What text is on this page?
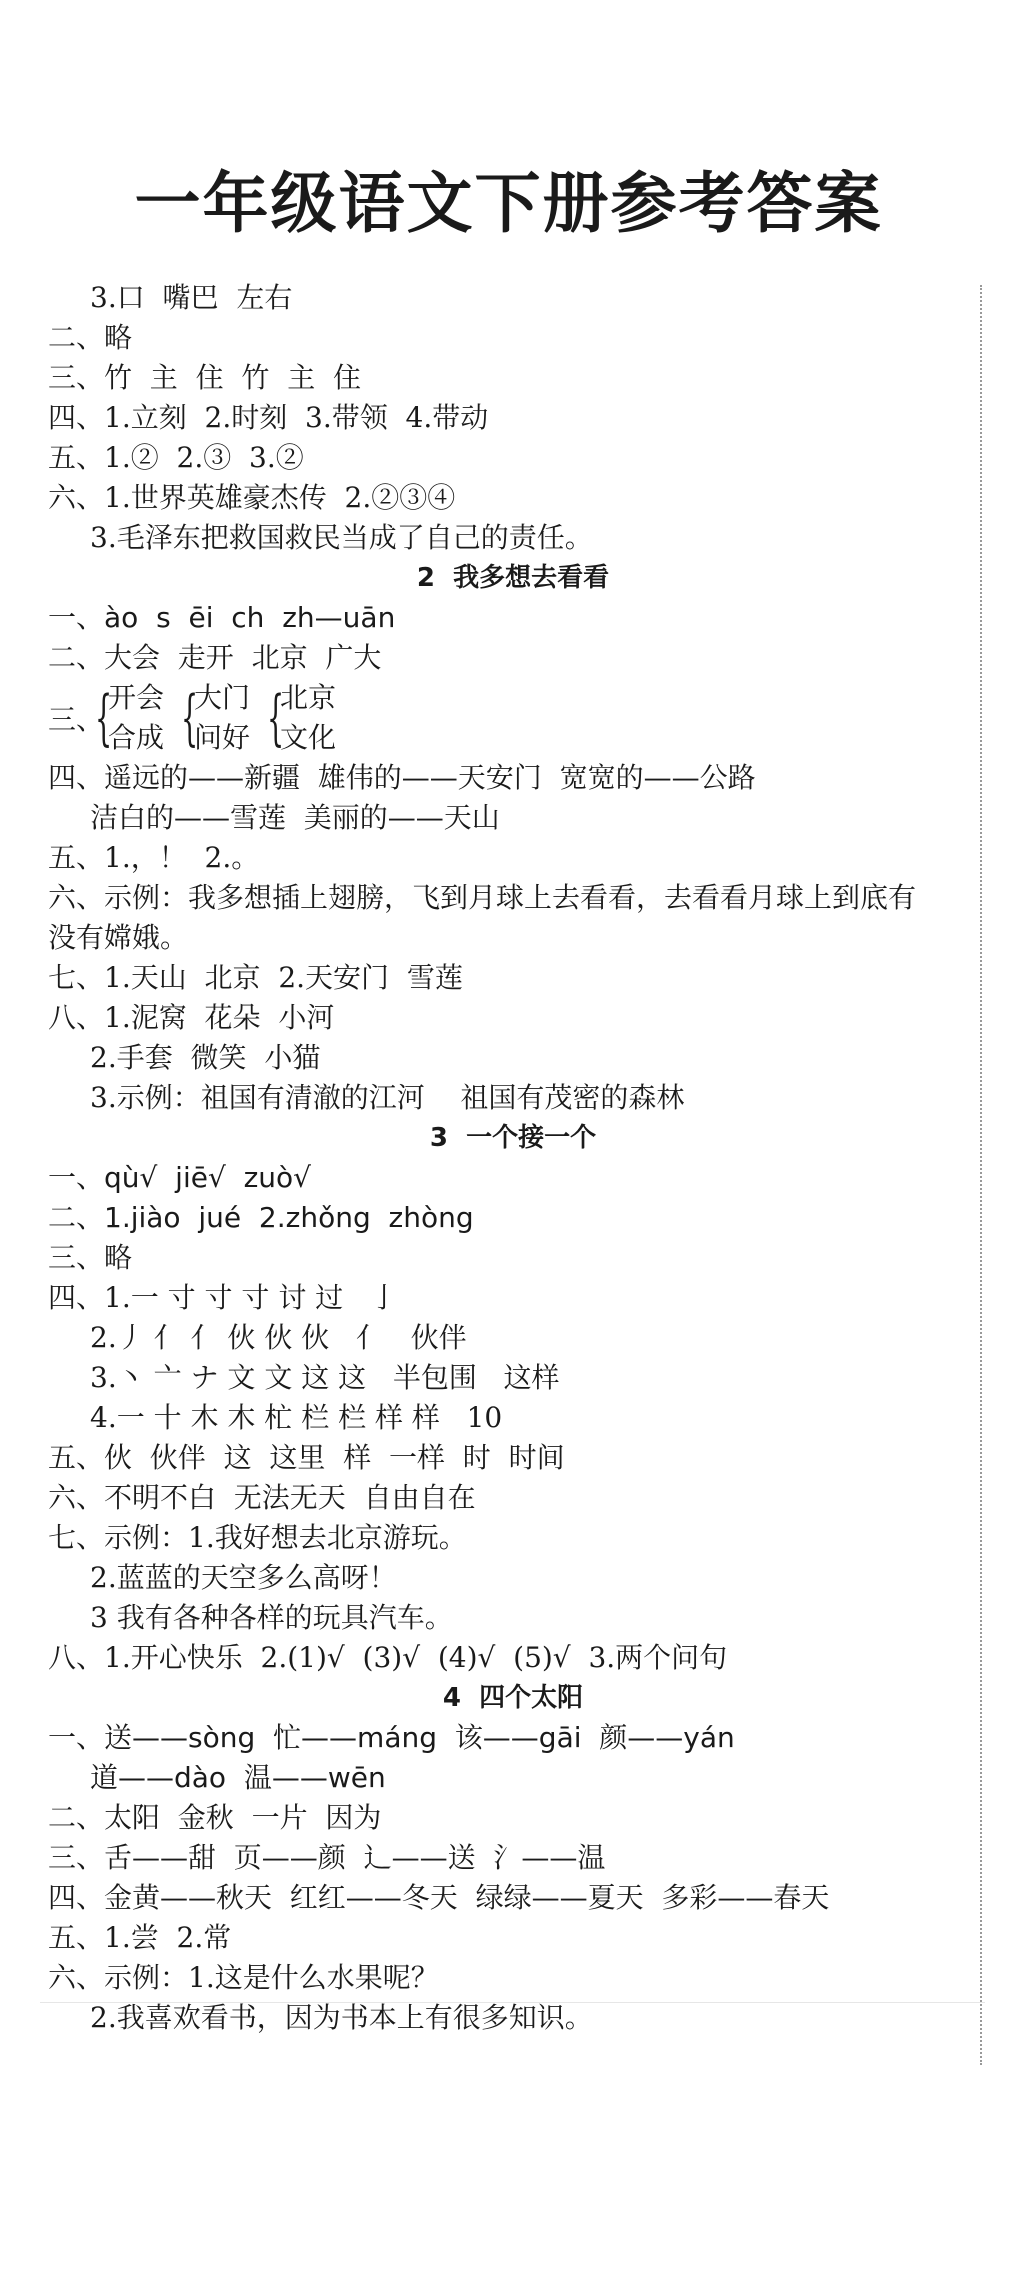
一年级语文下册参考答案
3.口  嘴巴  左右
二、略
三、竹  主  住  竹  主  住
四、1.立刻  2.时刻  3.带领  4.带动
五、1.②  2.③  3.②
六、1.世界英雄豪杰传  2.②③④
3.毛泽东把救国救民当成了自己的责任。
2  我多想去看看
一、ào  s  ēi  ch  zh—uān
二、大会  走开  北京  广大
三、
{
开会
合成 {
大门
问好 {
北京
文化
四、遥远的——新疆  雄伟的——天安门  宽宽的——公路
洁白的——雪莲  美丽的——天山
五、1.，！  2.。
六、示例：我多想插上翅膀，飞到月球上去看看，去看看月球上到底有
没有嫦娥。
七、1.天山  北京  2.天安门  雪莲
八、1.泥窝  花朵  小河
2.手套  微笑  小猫
3.示例：祖国有清澈的江河    祖国有茂密的森林
3  一个接一个
一、qù√  jiē√  zuò√
二、1.jiào  jué  2.zhǒng  zhòng
三、略
四、1.一 寸 寸 寸 讨 过   亅
2.丿 亻 亻 伙 伙 伙   亻   伙伴
3.丶 亠 ナ 文 文 这 这   半包围   这样
4.一 十 木 木 杧 栏 栏 样 样   10
五、伙  伙伴  这  这里  样  一样  时  时间
六、不明不白  无法无天  自由自在
七、示例：1.我好想去北京游玩。
2.蓝蓝的天空多么高呀！
3 我有各种各样的玩具汽车。
八、1.开心快乐  2.(1)√  (3)√  (4)√  (5)√  3.两个问句
4  四个太阳
一、送——sòng  忙——máng  该——gāi  颜——yán
道——dào  温——wēn
二、太阳  金秋  一片  因为
三、舌——甜  页——颜  辶——送  氵——温
四、金黄——秋天  红红——冬天  绿绿——夏天  多彩——春天
五、1.尝  2.常
六、示例：1.这是什么水果呢？
2.我喜欢看书，因为书本上有很多知识。
